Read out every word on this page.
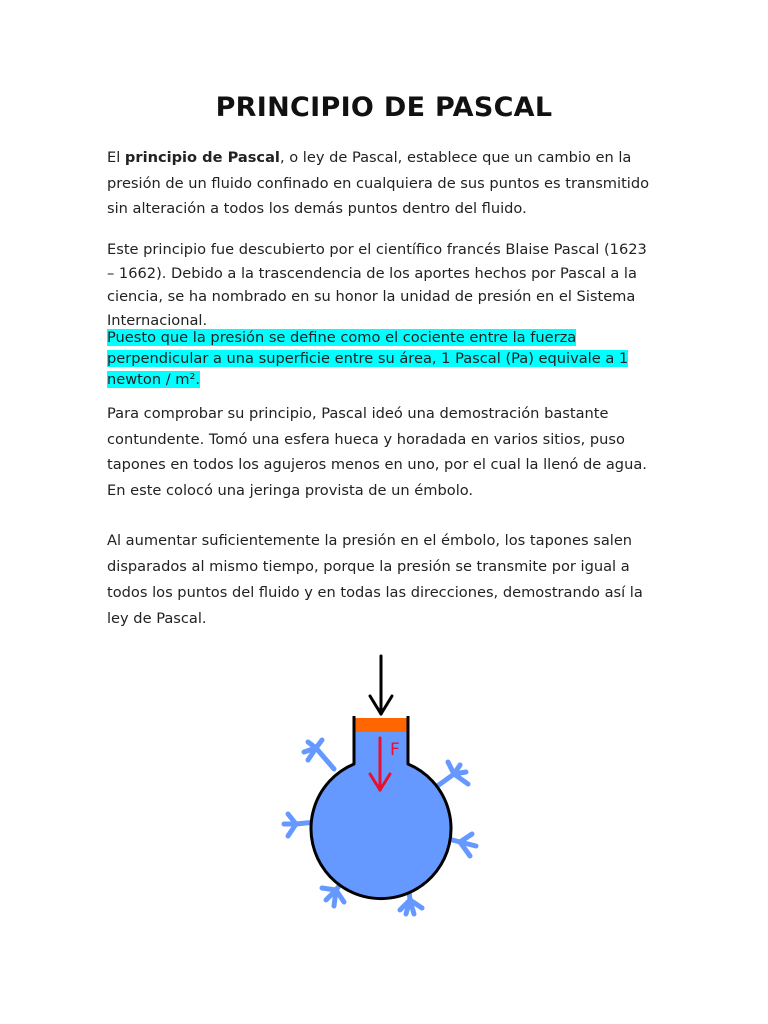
PRINCIPIO DE PASCAL

El principio de Pascal, o ley de Pascal, establece que un cambio en la presión de un fluido confinado en cualquiera de sus puntos es transmitido sin alteración a todos los demás puntos dentro del fluido.

Este principio fue descubierto por el científico francés Blaise Pascal (1623 – 1662). Debido a la trascendencia de los aportes hechos por Pascal a la ciencia, se ha nombrado en su honor la unidad de presión en el Sistema Internacional.

Puesto que la presión se define como el cociente entre la fuerza perpendicular a una superficie entre su área, 1 Pascal (Pa) equivale a 1 newton / m².

Para comprobar su principio, Pascal ideó una demostración bastante contundente. Tomó una esfera hueca y horadada en varios sitios, puso tapones en todos los agujeros menos en uno, por el cual la llenó de agua. En este colocó una jeringa provista de un émbolo.

Al aumentar suficientemente la presión en el émbolo, los tapones salen disparados al mismo tiempo, porque la presión se transmite por igual a todos los puntos del fluido y en todas las direcciones, demostrando así la ley de Pascal.

F
